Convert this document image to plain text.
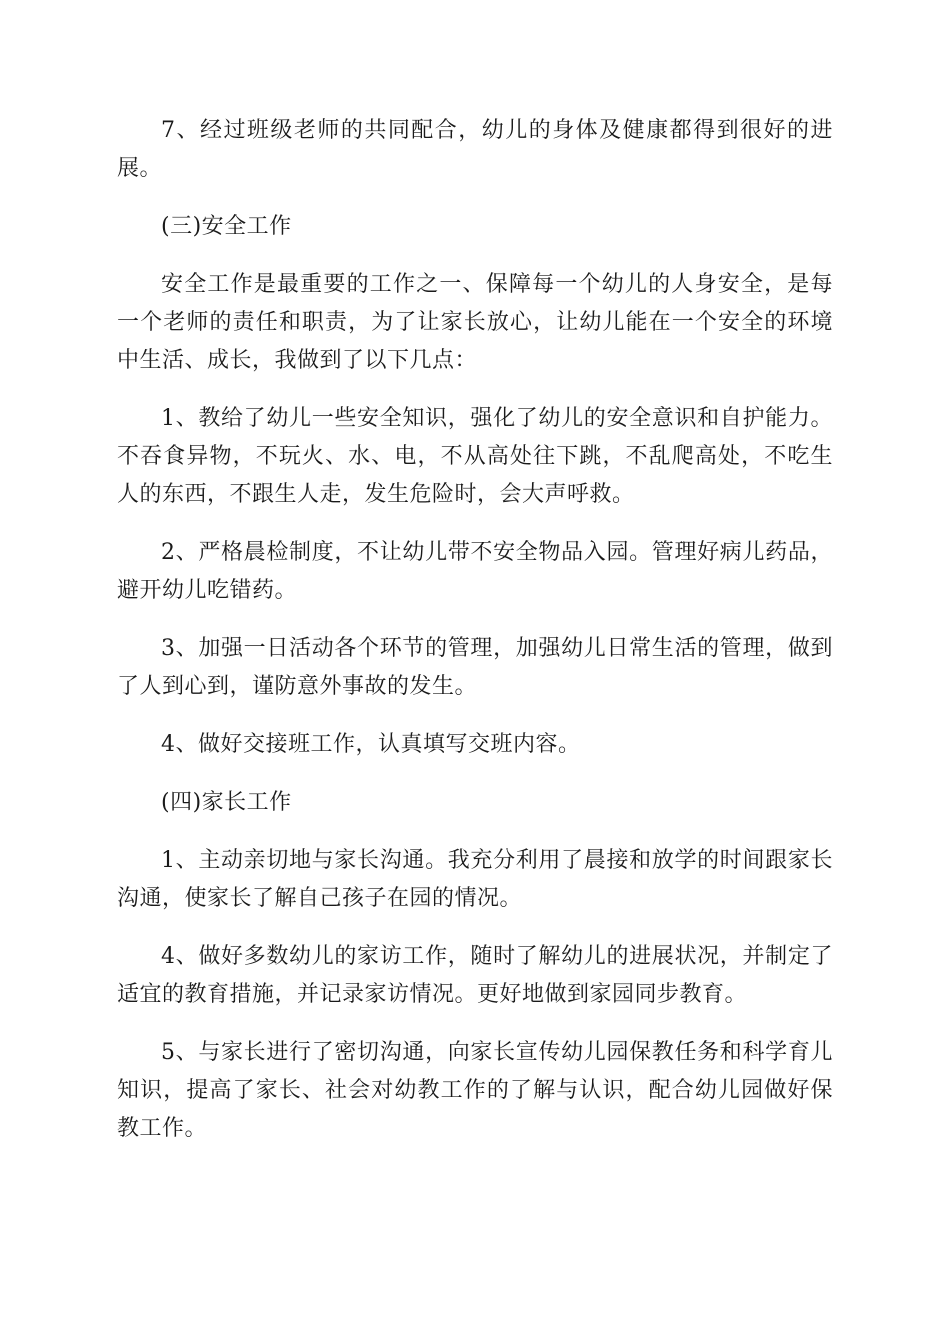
7、经过班级老师的共同配合，幼儿的身体及健康都得到很好的进展。

(三)安全工作

安全工作是最重要的工作之一、保障每一个幼儿的人身安全，是每一个老师的责任和职责，为了让家长放心，让幼儿能在一个安全的环境中生活、成长，我做到了以下几点：

1、教给了幼儿一些安全知识，强化了幼儿的安全意识和自护能力。不吞食异物，不玩火、水、电，不从高处往下跳，不乱爬高处，不吃生人的东西，不跟生人走，发生危险时，会大声呼救。

2、严格晨检制度，不让幼儿带不安全物品入园。管理好病儿药品，避开幼儿吃错药。

3、加强一日活动各个环节的管理，加强幼儿日常生活的管理，做到了人到心到，谨防意外事故的发生。

4、做好交接班工作，认真填写交班内容。

(四)家长工作

1、主动亲切地与家长沟通。我充分利用了晨接和放学的时间跟家长沟通，使家长了解自己孩子在园的情况。

4、做好多数幼儿的家访工作，随时了解幼儿的进展状况，并制定了适宜的教育措施，并记录家访情况。更好地做到家园同步教育。

5、与家长进行了密切沟通，向家长宣传幼儿园保教任务和科学育儿知识，提高了家长、社会对幼教工作的了解与认识，配合幼儿园做好保教工作。
